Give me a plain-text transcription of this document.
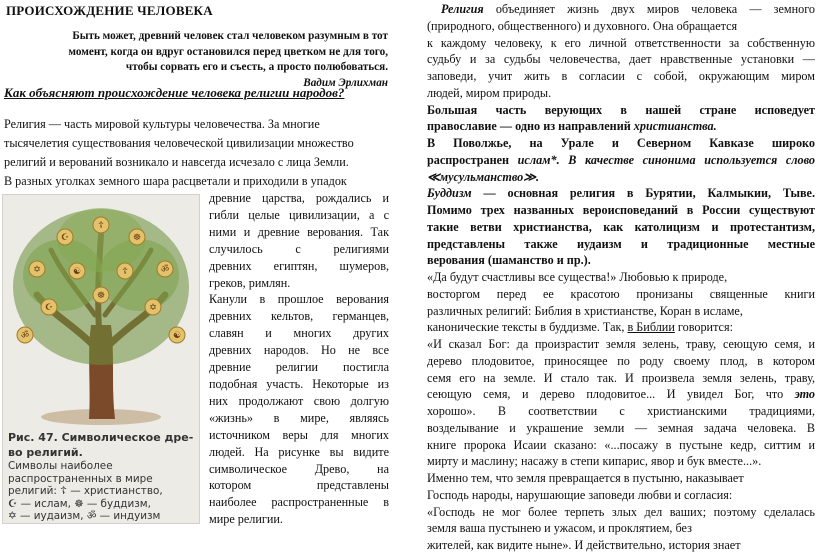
ПРОИСХОЖДЕНИЕ ЧЕЛОВЕКА
Быть может, древний человек стал человеком разумным в тот
момент, когда он вдруг остановился перед цветком не для того,
чтобы сорвать его и съесть, а просто полюбоваться.
Вадим Эрлихман
Как объясняют происхождение человека религии народов?
Религия — часть мировой культуры человечества. За многие
тысячелетия существования человеческой цивилизации множество
религий и верований возникало и навсегда исчезало с лица Земли.
В разных уголках земного шара расцветали и приходили в упадок
древние царства, рождались и
гибли целые цивилизации, а с
ними и древние верования. Так
случилось с религиями
древних египтян, шумеров,
греков, римлян.
Канули в прошлое верования
древних кельтов, германцев,
славян и многих других
древних народов. Но не все
древние религии постигла
подобная участь. Некоторые из
них продолжают свою долгую
«жизнь» в мире, являясь
источником веры для многих
людей. На рисунке вы видите
символическое Древо, на
котором представлены
наиболее распространенные в
мире религии.
☦
☪	☸
✡	ॐ
☯	☦
☸
☪	✡
ॐ	☯
Рис. 47. Символическое дре-
во религий.
Символы наиболее
распространенных в мире
религий: ☦ — христианство,
☪ — ислам, ☸ — буддизм,
✡ — иудаизм, ॐ — индуизм
Религия объединяет жизнь двух миров человека — земного
(природного, общественного) и духовного. Она обращается
к каждому человеку, к его личной ответственности за собственную
судьбу и за судьбы человечества, дает нравственные установки —
заповеди, учит жить в согласии с собой, окружающим миром
людей, миром природы.
Большая часть верующих в нашей стране исповедует
православие — одно из направлений христианства.
В Поволжье, на Урале и Северном Кавказе широко
распространен ислам*. В качестве синонима используется слово
≪мусульманство≫.
Буддизм — основная религия в Бурятии, Калмыкии, Тыве.
Помимо трех названных вероисповеданий в России существуют
такие ветви христианства, как католицизм и протестантизм,
представлены также иудаизм и традиционные местные
верования (шаманство и пр.).
«Да будут счастливы все существа!» Любовью к природе,
восторгом перед ее красотою пронизаны священные книги
различных религий: Библия в христианстве, Коран в исламе,
канонические тексты в буддизме. Так, в Библии говорится:
«И сказал Бог: да произрастит земля зелень, траву, сеющую семя, и
дерево плодовитое, приносящее по роду своему плод, в котором
семя его на земле. И стало так. И произвела земля зелень, траву,
сеющую семя, и дерево плодовитое... И увидел Бог, что это
хорошо». В соответствии с христианскими традициями,
возделывание и украшение земли — земная задача человека. В
книге пророка Исаии сказано: «...посажу в пустыне кедр, ситтим и
мирту и маслину; насажу в степи кипарис, явор и бук вместе...».
Именно тем, что земля превращается в пустыню, наказывает
Господь народы, нарушающие заповеди любви и согласия:
«Господь не мог более терпеть злых дел ваших; поэтому сделалась
земля ваша пустынею и ужасом, и проклятием, без
жителей, как видите ныне». И действительно, история знает
